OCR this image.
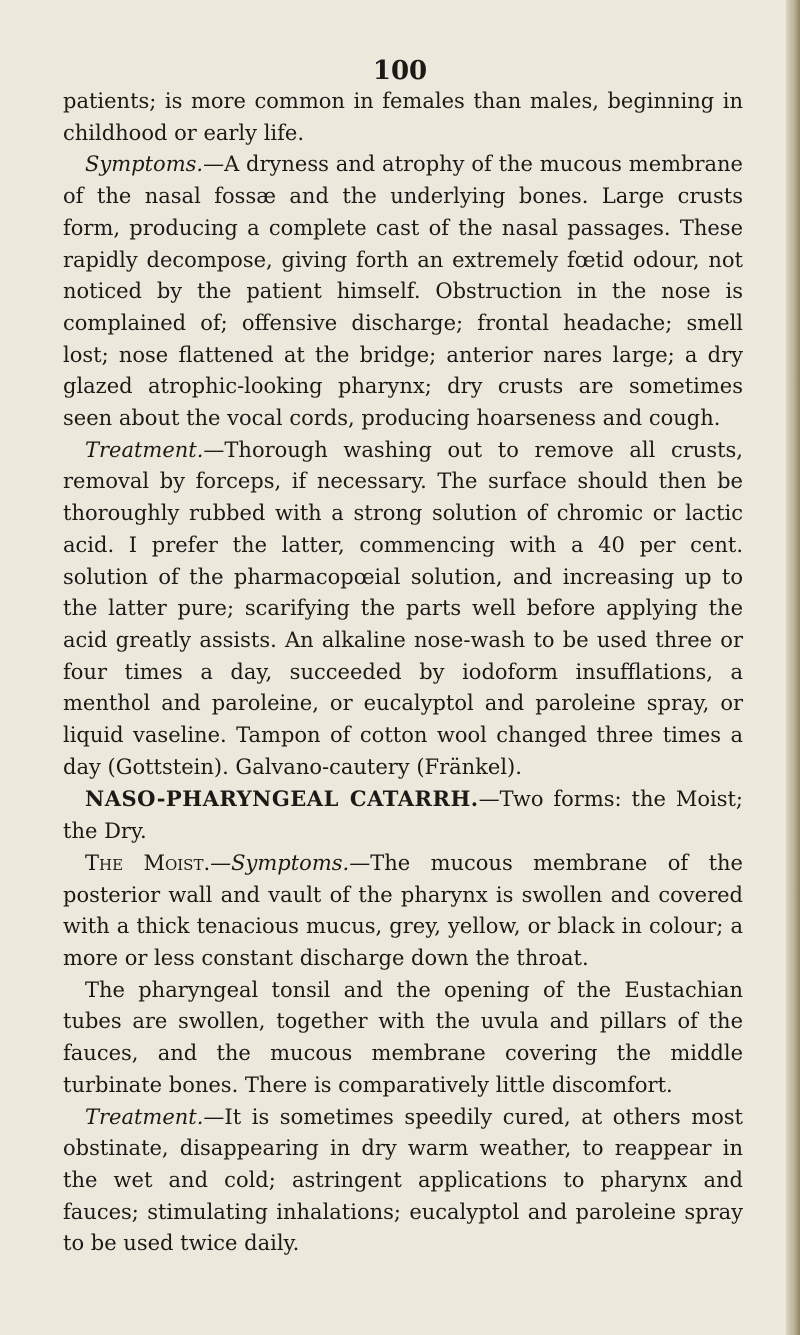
100

patients; is more common in females than males, beginning in childhood or early life.

Symptoms.—A dryness and atrophy of the mucous membrane of the nasal fossæ and the underlying bones. Large crusts form, producing a complete cast of the nasal passages. These rapidly decompose, giving forth an extremely fœtid odour, not noticed by the patient himself. Obstruction in the nose is complained of; offensive discharge; frontal headache; smell lost; nose flattened at the bridge; anterior nares large; a dry glazed atrophic-looking pharynx; dry crusts are sometimes seen about the vocal cords, producing hoarseness and cough.

Treatment.—Thorough washing out to remove all crusts, removal by forceps, if necessary. The surface should then be thoroughly rubbed with a strong solution of chromic or lactic acid. I prefer the latter, commencing with a 40 per cent. solution of the pharmacopœial solution, and increasing up to the latter pure; scarifying the parts well before applying the acid greatly assists. An alkaline nose-wash to be used three or four times a day, succeeded by iodoform insufflations, a menthol and paroleine, or eucalyptol and paroleine spray, or liquid vaseline. Tampon of cotton wool changed three times a day (Gottstein). Galvano-cautery (Fränkel).

NASO-PHARYNGEAL CATARRH.—Two forms: the Moist; the Dry.

The Moist.—Symptoms.—The mucous membrane of the posterior wall and vault of the pharynx is swollen and covered with a thick tenacious mucus, grey, yellow, or black in colour; a more or less constant discharge down the throat.

The pharyngeal tonsil and the opening of the Eustachian tubes are swollen, together with the uvula and pillars of the fauces, and the mucous membrane covering the middle turbinate bones. There is comparatively little discomfort.

Treatment.—It is sometimes speedily cured, at others most obstinate, disappearing in dry warm weather, to reappear in the wet and cold; astringent applications to pharynx and fauces; stimulating inhalations; eucalyptol and paroleine spray to be used twice daily.
